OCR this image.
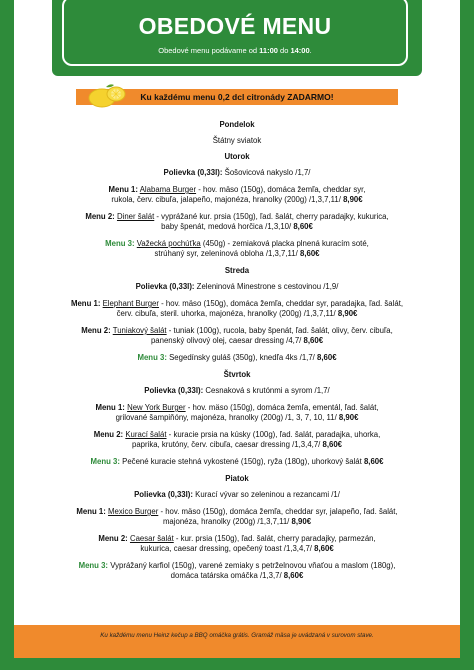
OBEDOVÉ MENU
Obedové menu podávame od 11:00 do 14:00.
Ku každému menu 0,2 dcl citronády ZADARMO!
Pondelok
Štátny sviatok
Utorok
Polievka (0,33l): Šošovicová nakyslo /1,7/
Menu 1: Alabama Burger - hov. mäso (150g), domáca žemľa, cheddar syr,
rukola, červ. cibuľa, jalapeño, majonéza, hranolky (200g) /1,3,7,11/ 8,90€
Menu 2: Diner šalát - vyprážané kur. prsia (150g), ľad. šalát, cherry paradajky, kukurica,
baby špenát, medová horčica /1,3,10/ 8,60€
Menu 3: Važecká pochúťka (450g) - zemiaková placka plnená kuracím soté,
strúhaný syr, zeleninová obloha /1,3,7,11/ 8,60€
Streda
Polievka (0,33l): Zeleninová Minestrone s cestovinou /1,9/
Menu 1: Elephant Burger - hov. mäso (150g), domáca žemľa, cheddar syr, paradajka, ľad. šalát,
červ. cibuľa, steril. uhorka, majonéza, hranolky (200g) /1,3,7,11/ 8,90€
Menu 2: Tuniakový šalát - tuniak (100g), rucola, baby špenát, ľad. šalát, olivy, červ. cibuľa,
panenský olivový olej, caesar dressing /4,7/ 8,60€
Menu 3: Segedínsky guláš (350g), knedľa 4ks /1,7/ 8,60€
Štvrtok
Polievka (0,33l): Cesnaková s krutónmi a syrom /1,7/
Menu 1: New York Burger - hov. mäso (150g), domáca žemľa, ementál, ľad. šalát,
grilované šampiňóny, majonéza, hranolky (200g) /1, 3, 7, 10, 11/ 8,90€
Menu 2: Kurací šalát - kuracie prsia na kúsky (100g), ľad. šalát, paradajka, uhorka,
paprika, krutóny, červ. cibuľa, caesar dressing /1,3,4,7/ 8,60€
Menu 3: Pečené kuracie stehná vykostené (150g), ryža (180g), uhorkový šalát 8,60€
Piatok
Polievka (0,33l): Kurací vývar so zeleninou a rezancami /1/
Menu 1: Mexico Burger - hov. mäso (150g), domáca žemľa, cheddar syr, jalapeño, ľad. šalát,
majonéza, hranolky (200g) /1,3,7,11/ 8,90€
Menu 2: Caesar šalát - kur. prsia (150g), ľad. šalát, cherry paradajky, parmezán,
kukurica, caesar dressing, opečený toast /1,3,4,7/ 8,60€
Menu 3: Vyprážaný karfiol (150g), varené zemiaky s petrželnovou vňaťou a maslom (180g),
domáca tatárska omáčka /1,3,7/ 8,60€
Ku každému menu Heinz kečup a BBQ omáčka grátis. Gramáž mäsa je uvádzaná v surovom stave.
